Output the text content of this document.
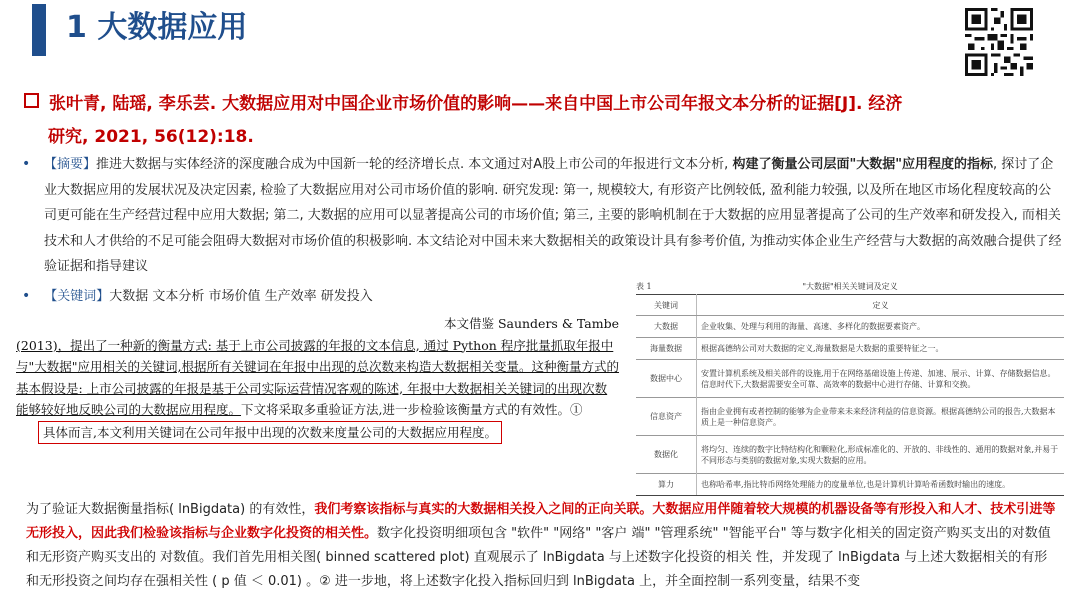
1 大数据应用
张叶青, 陆瑶, 李乐芸. 大数据应用对中国企业市场价值的影响——来自中国上市公司年报文本分析的证据[J]. 经济
研究, 2021, 56(12):18.
•	【摘要】推进大数据与实体经济的深度融合成为中国新一轮的经济增长点. 本文通过对A股上市公司的年报进行文本分析, 构建了衡量公司层面"大数据"应用程度的指标, 探讨了企业大数据应用的发展状况及决定因素, 检验了大数据应用对公司市场价值的影响. 研究发现: 第一, 规模较大, 有形资产比例较低, 盈利能力较强, 以及所在地区市场化程度较高的公司更可能在生产经营过程中应用大数据; 第二, 大数据的应用可以显著提高公司的市场价值; 第三, 主要的影响机制在于大数据的应用显著提高了公司的生产效率和研发投入, 而相关技术和人才供给的不足可能会阻碍大数据对市场价值的积极影响. 本文结论对中国未来大数据相关的政策设计具有参考价值, 为推动实体企业生产经营与大数据的高效融合提供了经验证据和指导建议
• 【关键词】大数据 文本分析 市场价值 生产效率 研发投入
本文借鉴 Saunders & Tambe
(2013)，提出了一种新的衡量方式: 基于上市公司披露的年报的文本信息, 通过 Python 程序批量抓取年报中与"大数据"应用相关的关键词,根据所有关键词在年报中出现的总次数来构造大数据相关变量。这种衡量方式的基本假设是: 上市公司披露的年报是基于公司实际运营情况客观的陈述, 年报中大数据相关关键词的出现次数能够较好地反映公司的大数据应用程度。下文将采取多重验证方法,进一步检验该衡量方式的有效性。①
具体而言,本文利用关键词在公司年报中出现的次数来度量公司的大数据应用程度。
表 1	"大数据"相关关键词及定义
关键词	定义
大数据	企业收集、处理与利用的海量、高速、多样化的数据要素资产。
海量数据	根据高德纳公司对大数据的定义,海量数据是大数据的重要特征之一。
数据中心	安置计算机系统及相关部件的设施,用于在网络基础设施上传递、加速、展示、计算、存储数据信息。信息时代下,大数据需要安全可靠、高效率的数据中心进行存储、计算和交换。
信息资产	指由企业拥有或者控制的能够为企业带来未来经济利益的信息资源。根据高德纳公司的报告,大数据本质上是一种信息资产。
数据化	将均匀、连续的数字比特结构化和颗粒化,形成标准化的、开放的、非线性的、通用的数据对象,并易于不同形态与类别的数据对象,实现大数据的应用。
算力	也称哈希率,指比特币网络处理能力的度量单位,也是计算机计算哈希函数时输出的速度。
为了验证大数据衡量指标( lnBigdata) 的有效性，我们考察该指标与真实的大数据相关投入之间的正向关联。大数据应用伴随着较大规模的机器设备等有形投入和人才、技术引进等无形投入，因此我们检验该指标与企业数字化投资的相关性。数字化投资明细项包含 "软件" "网络" "客户 端" "管理系统" "智能平台" 等与数字化相关的固定资产购买支出的对数值和无形资产购买支出的 对数值。我们首先用相关图( binned scattered plot) 直观展示了 lnBigdata 与上述数字化投资的相关 性，并发现了 lnBigdata 与上述大数据相关的有形和无形投资之间均存在强相关性 ( p 值 ＜ 0.01) 。② 进一步地，将上述数字化投入指标回归到 lnBigdata 上，并全面控制一系列变量，结果不变
